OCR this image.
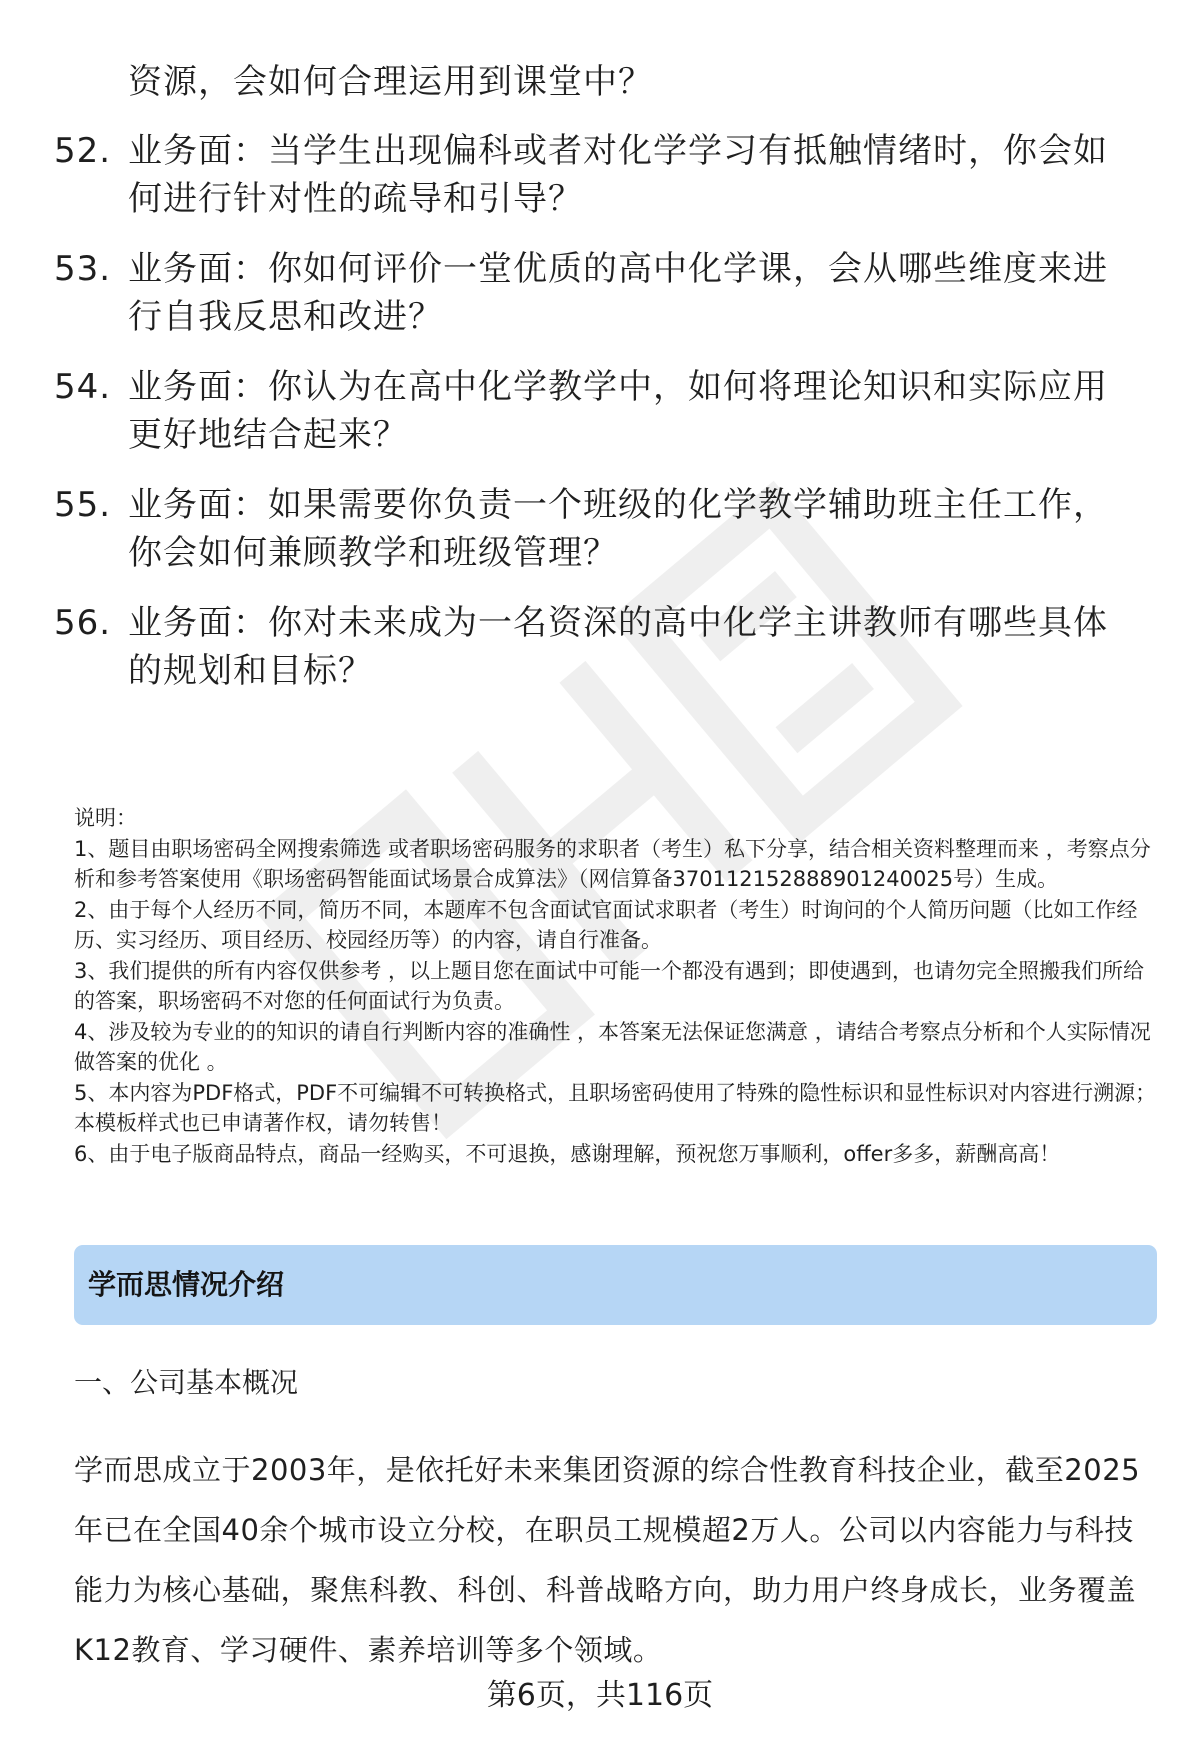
资源，会如何合理运用到课堂中？
52. 业务面：当学生出现偏科或者对化学学习有抵触情绪时，你会如何进行针对性的疏导和引导？
53. 业务面：你如何评价一堂优质的高中化学课，会从哪些维度来进行自我反思和改进？
54. 业务面：你认为在高中化学教学中，如何将理论知识和实际应用更好地结合起来？
55. 业务面：如果需要你负责一个班级的化学教学辅助班主任工作，你会如何兼顾教学和班级管理？
56. 业务面：你对未来成为一名资深的高中化学主讲教师有哪些具体的规划和目标？

说明：

1、题目由职场密码全网搜索筛选 或者职场密码服务的求职者（考生）私下分享，结合相关资料整理而来 ，考察点分析和参考答案使用《职场密码智能面试场景合成算法》（网信算备370112152888901240025号）生成。

2、由于每个人经历不同，简历不同，本题库不包含面试官面试求职者（考生）时询问的个人简历问题（比如工作经历、实习经历、项目经历、校园经历等）的内容，请自行准备。

3、我们提供的所有内容仅供参考 ，以上题目您在面试中可能一个都没有遇到；即使遇到，也请勿完全照搬我们所给的答案，职场密码不对您的任何面试行为负责。

4、涉及较为专业的的知识的请自行判断内容的准确性 ，本答案无法保证您满意 ，请结合考察点分析和个人实际情况做答案的优化 。

5、本内容为PDF格式，PDF不可编辑不可转换格式，且职场密码使用了特殊的隐性标识和显性标识对内容进行溯源；本模板样式也已申请著作权，请勿转售！

6、由于电子版商品特点，商品一经购买，不可退换，感谢理解，预祝您万事顺利，offer多多，薪酬高高！

学而思情况介绍
一、公司基本概况
学而思成立于2003年，是依托好未来集团资源的综合性教育科技企业，截至2025年已在全国40余个城市设立分校，在职员工规模超2万人。公司以内容能力与科技能力为核心基础，聚焦科教、科创、科普战略方向，助力用户终身成长，业务覆盖K12教育、学习硬件、素养培训等多个领域。
第6页，共116页
